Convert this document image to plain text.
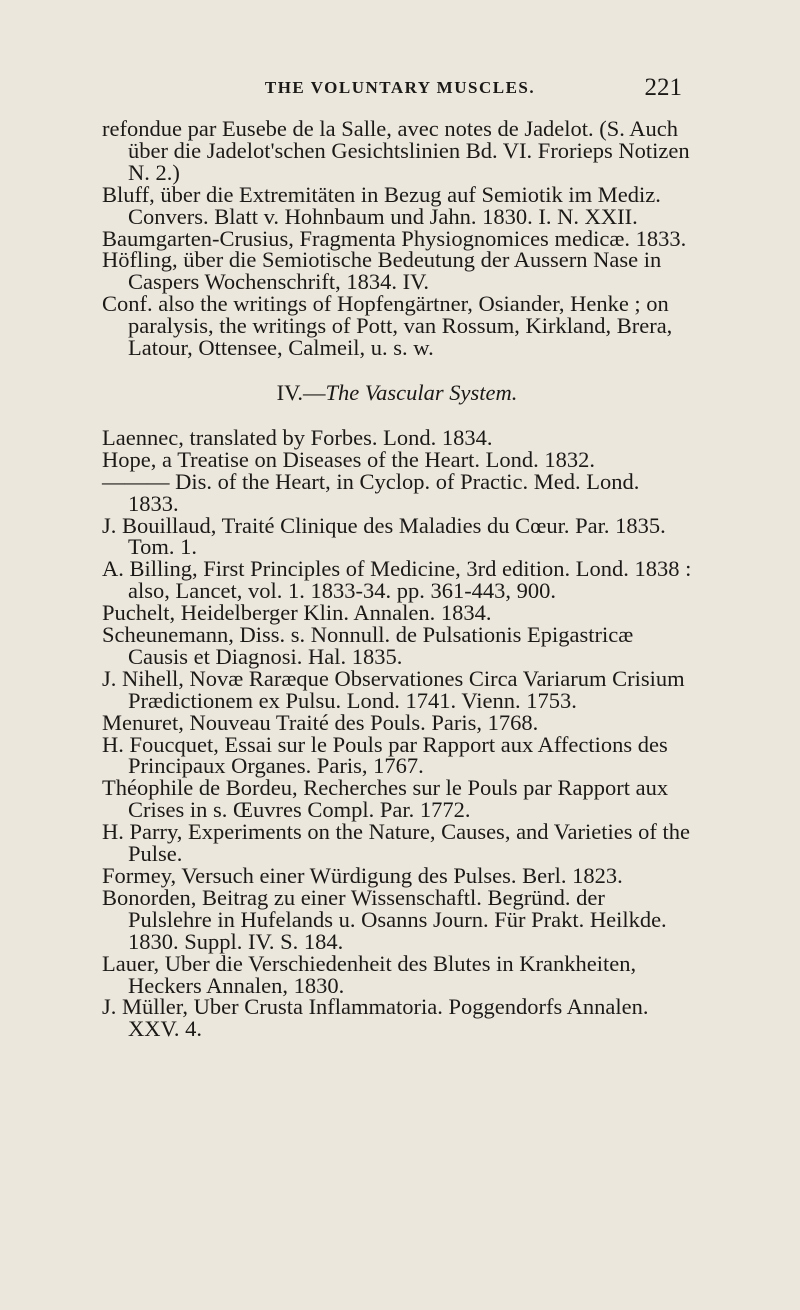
THE VOLUNTARY MUSCLES.	221

refondue par Eusebe de la Salle, avec notes de Jadelot. (S. Auch über die Jadelot'schen Gesichtslinien Bd. VI. Frorieps Notizen N. 2.)

Bluff, über die Extremitäten in Bezug auf Semiotik im Mediz. Convers. Blatt v. Hohnbaum und Jahn. 1830. I. N. XXII.

Baumgarten-Crusius, Fragmenta Physiognomices medicæ. 1833.

Höfling, über die Semiotische Bedeutung der Aussern Nase in Caspers Wochenschrift, 1834. IV.

Conf. also the writings of Hopfengärtner, Osiander, Henke ; on paralysis, the writings of Pott, van Rossum, Kirkland, Brera, Latour, Ottensee, Calmeil, u. s. w.

IV.—The Vascular System.

Laennec, translated by Forbes. Lond. 1834.

Hope, a Treatise on Diseases of the Heart. Lond. 1832.

——— Dis. of the Heart, in Cyclop. of Practic. Med. Lond. 1833.

J. Bouillaud, Traité Clinique des Maladies du Cœur. Par. 1835. Tom. 1.

A. Billing, First Principles of Medicine, 3rd edition. Lond. 1838 : also, Lancet, vol. 1. 1833-34. pp. 361-443, 900.

Puchelt, Heidelberger Klin. Annalen. 1834.

Scheunemann, Diss. s. Nonnull. de Pulsationis Epigastricæ Causis et Diagnosi. Hal. 1835.

J. Nihell, Novæ Raræque Observationes Circa Variarum Crisium Prædictionem ex Pulsu. Lond. 1741. Vienn. 1753.

Menuret, Nouveau Traité des Pouls. Paris, 1768.

H. Foucquet, Essai sur le Pouls par Rapport aux Affections des Principaux Organes. Paris, 1767.

Théophile de Bordeu, Recherches sur le Pouls par Rapport aux Crises in s. Œuvres Compl. Par. 1772.

H. Parry, Experiments on the Nature, Causes, and Varieties of the Pulse.

Formey, Versuch einer Würdigung des Pulses. Berl. 1823.

Bonorden, Beitrag zu einer Wissenschaftl. Begründ. der Pulslehre in Hufelands u. Osanns Journ. Für Prakt. Heilkde. 1830. Suppl. IV. S. 184.

Lauer, Uber die Verschiedenheit des Blutes in Krankheiten, Heckers Annalen, 1830.

J. Müller, Uber Crusta Inflammatoria. Poggendorfs Annalen. XXV. 4.
